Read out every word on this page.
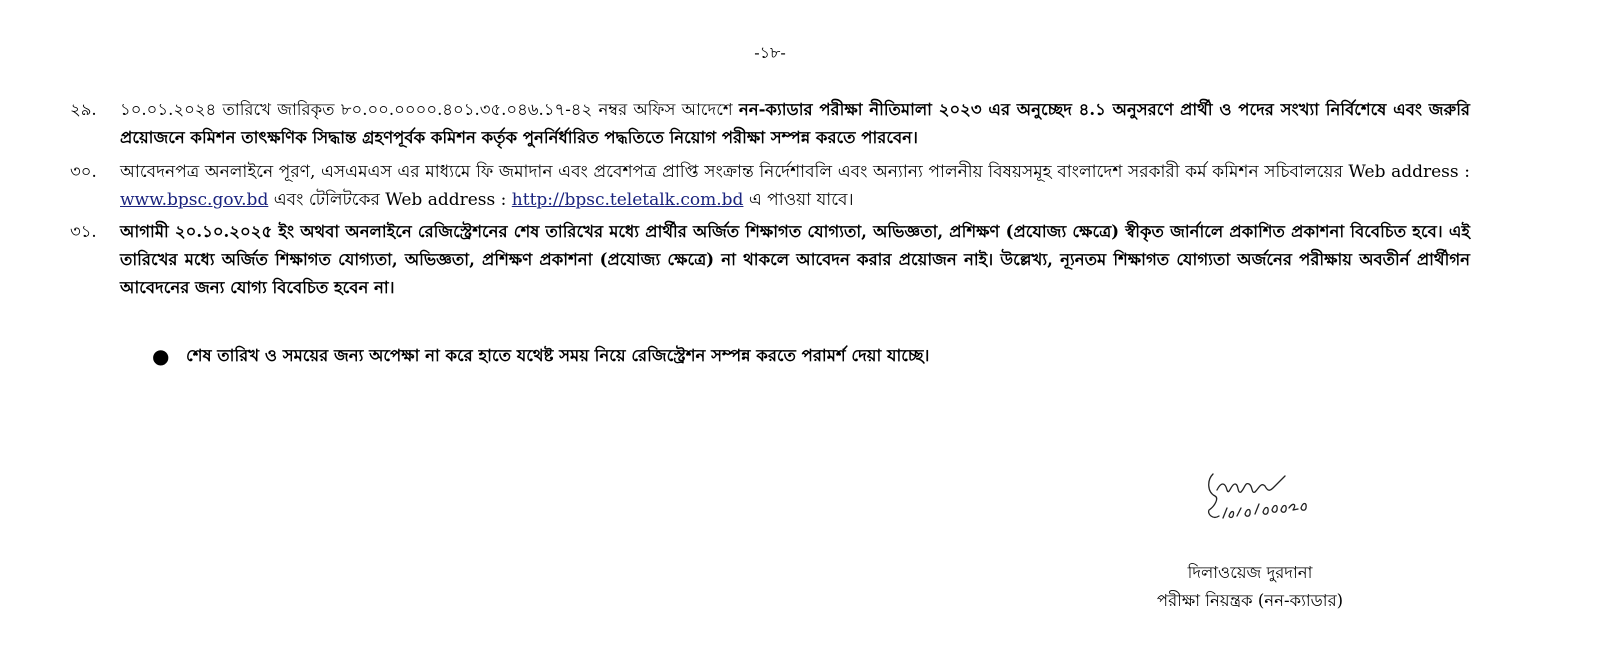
-১৮-
২৯.	১০.০১.২০২৪ তারিখে জারিকৃত ৮০.০০.০০০০.৪০১.৩৫.০৪৬.১৭-৪২ নম্বর অফিস আদেশে নন-ক্যাডার পরীক্ষা নীতিমালা ২০২৩ এর অনুচ্ছেদ ৪.১ অনুসরণে প্রার্থী ও পদের সংখ্যা নির্বিশেষে এবং জরুরি প্রয়োজনে কমিশন তাৎক্ষণিক সিদ্ধান্ত গ্রহণপূর্বক কমিশন কর্তৃক পুনর্নির্ধারিত পদ্ধতিতে নিয়োগ পরীক্ষা সম্পন্ন করতে পারবেন।
৩০.	আবেদনপত্র অনলাইনে পূরণ, এসএমএস এর মাধ্যমে ফি জমাদান এবং প্রবেশপত্র প্রাপ্তি সংক্রান্ত নির্দেশাবলি এবং অন্যান্য পালনীয় বিষয়সমূহ বাংলাদেশ সরকারী কর্ম কমিশন সচিবালয়ের Web address : www.bpsc.gov.bd এবং টেলিটকের Web address : http://bpsc.teletalk.com.bd এ পাওয়া যাবে।
৩১.	আগামী ২০.১০.২০২৫ ইং অথবা অনলাইনে রেজিস্ট্রেশনের শেষ তারিখের মধ্যে প্রার্থীর অর্জিত শিক্ষাগত যোগ্যতা, অভিজ্ঞতা, প্রশিক্ষণ (প্রযোজ্য ক্ষেত্রে) স্বীকৃত জার্নালে প্রকাশিত প্রকাশনা বিবেচিত হবে। এই তারিখের মধ্যে অর্জিত শিক্ষাগত যোগ্যতা, অভিজ্ঞতা, প্রশিক্ষণ প্রকাশনা (প্রযোজ্য ক্ষেত্রে) না থাকলে আবেদন করার প্রয়োজন নাই। উল্লেখ্য, ন্যূনতম শিক্ষাগত যোগ্যতা অর্জনের পরীক্ষায় অবতীর্ন প্রার্থীগন আবেদনের জন্য যোগ্য বিবেচিত হবেন না।
●	শেষ তারিখ ও সময়ের জন্য অপেক্ষা না করে হাতে যথেষ্ট সময় নিয়ে রেজিস্ট্রেশন সম্পন্ন করতে পরামর্শ দেয়া যাচ্ছে।
দিলাওয়েজ দুরদানা
পরীক্ষা নিয়ন্ত্রক (নন-ক্যাডার)
